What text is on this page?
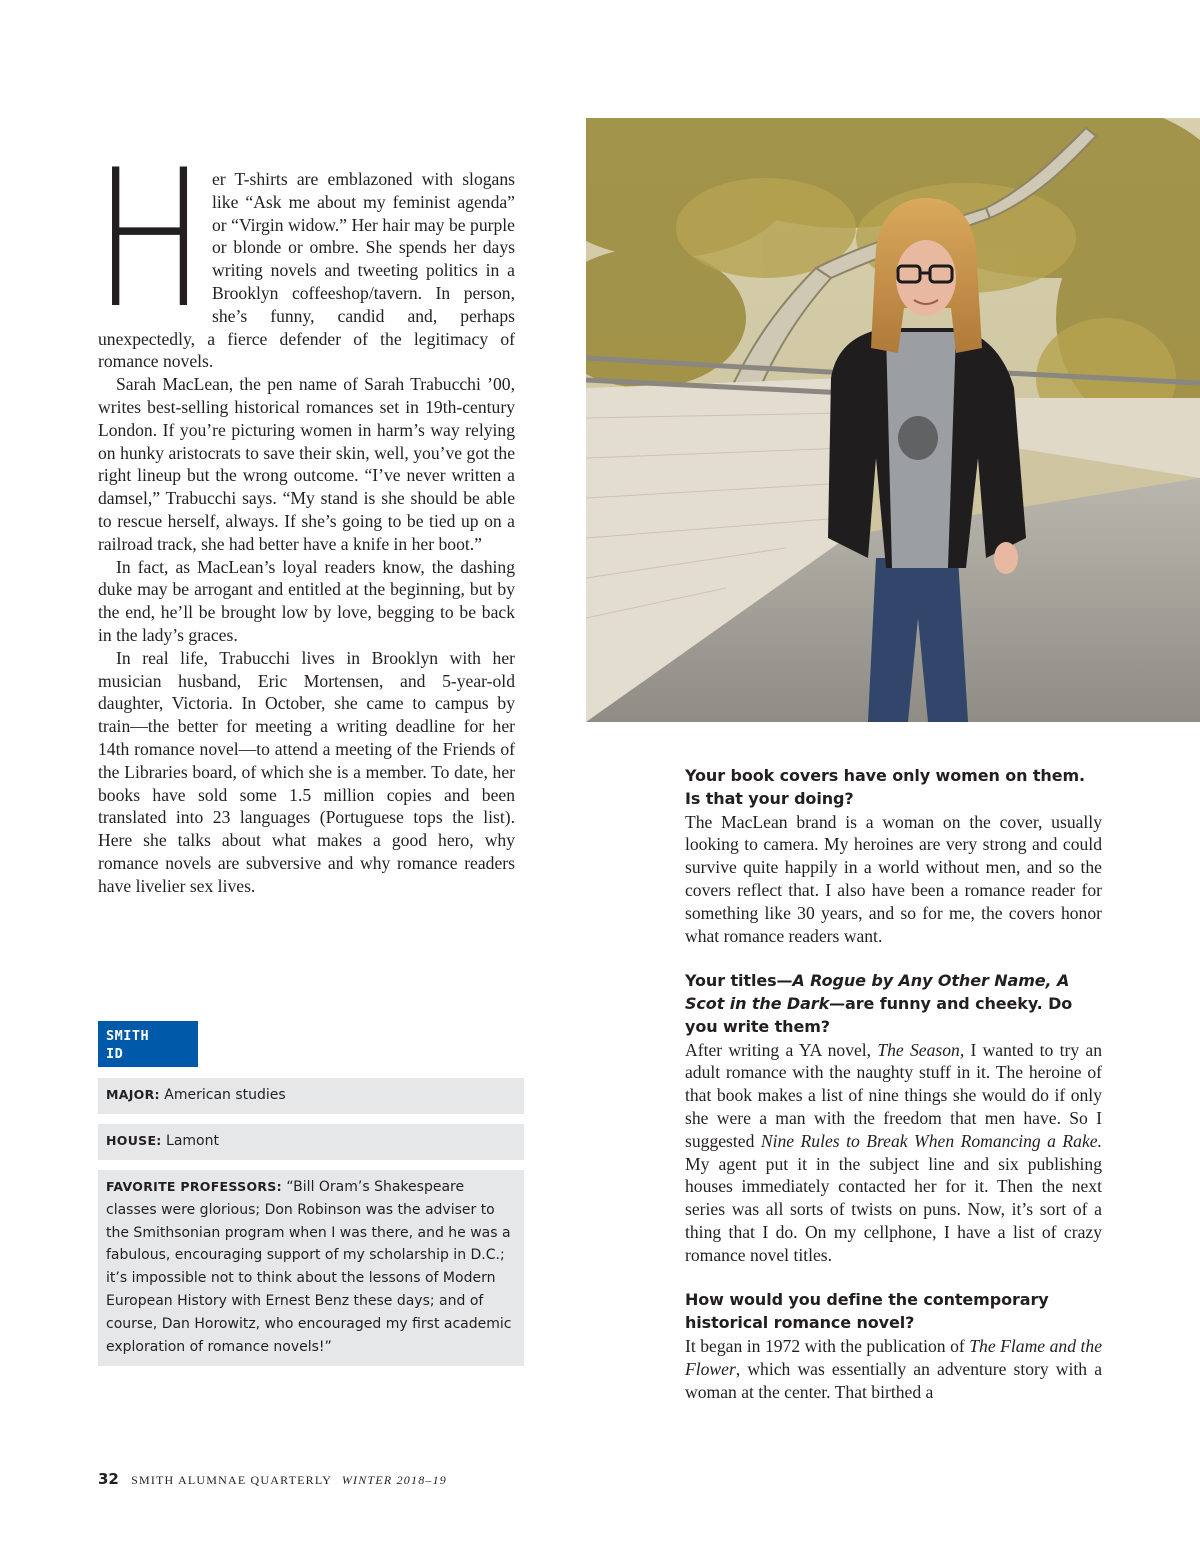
H er T-shirts are emblazoned with slogans like “Ask me about my feminist agenda” or “Virgin widow.” Her hair may be purple or blonde or ombre. She spends her days writing novels and tweeting politics in a Brooklyn coffeeshop/tavern. In person, she’s funny, candid and, perhaps unexpectedly, a fierce defender of the legitimacy of romance novels.

Sarah MacLean, the pen name of Sarah Trabucchi ’00, writes best-selling historical romances set in 19th-century London. If you’re picturing women in harm’s way relying on hunky aristocrats to save their skin, well, you’ve got the right lineup but the wrong outcome. “I’ve never written a damsel,” Trabucchi says. “My stand is she should be able to rescue herself, always. If she’s going to be tied up on a railroad track, she had better have a knife in her boot.”

In fact, as MacLean’s loyal readers know, the dashing duke may be arrogant and entitled at the beginning, but by the end, he’ll be brought low by love, begging to be back in the lady’s graces.

In real life, Trabucchi lives in Brooklyn with her musician husband, Eric Mortensen, and 5-year-old daughter, Victoria. In October, she came to campus by train—the better for meeting a writing deadline for her 14th romance novel—to attend a meeting of the Friends of the Libraries board, of which she is a member. To date, her books have sold some 1.5 million copies and been translated into 23 languages (Portuguese tops the list). Here she talks about what makes a good hero, why romance novels are subversive and why romance readers have livelier sex lives.

SMITH
ID
MAJOR: American studies
HOUSE: Lamont
FAVORITE PROFESSORS: “Bill Oram’s Shakespeare classes were glorious; Don Robinson was the adviser to the Smithsonian program when I was there, and he was a fabulous, encouraging support of my scholarship in D.C.; it’s impossible not to think about the lessons of Modern European History with Ernest Benz these days; and of course, Dan Horowitz, who encouraged my first academic exploration of romance novels!”

Your book covers have only women on them. Is that your doing?

The MacLean brand is a woman on the cover, usually looking to camera. My heroines are very strong and could survive quite happily in a world without men, and so the covers reflect that. I also have been a romance reader for something like 30 years, and so for me, the covers honor what romance readers want.

Your titles—A Rogue by Any Other Name, A Scot in the Dark—are funny and cheeky. Do you write them?

After writing a YA novel, The Season, I wanted to try an adult romance with the naughty stuff in it. The heroine of that book makes a list of nine things she would do if only she were a man with the freedom that men have. So I suggested Nine Rules to Break When Romancing a Rake. My agent put it in the subject line and six publishing houses immediately contacted her for it. Then the next series was all sorts of twists on puns. Now, it’s sort of a thing that I do. On my cellphone, I have a list of crazy romance novel titles.

How would you define the contemporary historical romance novel?

It began in 1972 with the publication of The Flame and the Flower, which was essentially an adventure story with a woman at the center. That birthed a

32 SMITH ALUMNAE QUARTERLY WINTER 2018–19
